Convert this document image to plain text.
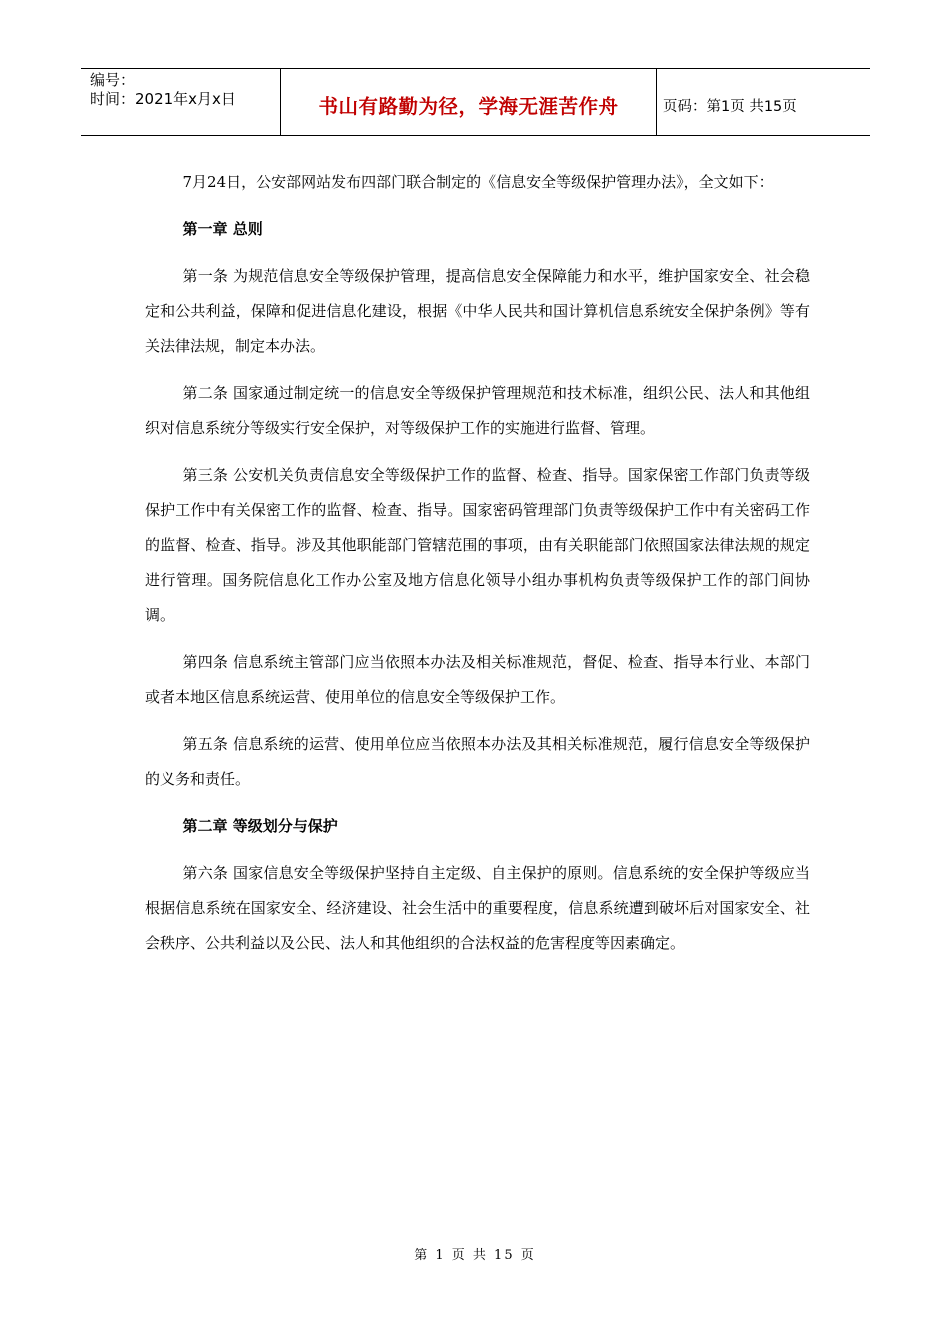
编号：
时间：2021年x月x日	书山有路勤为径，学海无涯苦作舟	页码：第1页 共15页

7月24日，公安部网站发布四部门联合制定的《信息安全等级保护管理办法》，全文如下：

第一章 总则

第一条 为规范信息安全等级保护管理，提高信息安全保障能力和水平，维护国家安全、社会稳定和公共利益，保障和促进信息化建设，根据《中华人民共和国计算机信息系统安全保护条例》等有关法律法规，制定本办法。

第二条 国家通过制定统一的信息安全等级保护管理规范和技术标准，组织公民、法人和其他组织对信息系统分等级实行安全保护，对等级保护工作的实施进行监督、管理。

第三条 公安机关负责信息安全等级保护工作的监督、检查、指导。国家保密工作部门负责等级保护工作中有关保密工作的监督、检查、指导。国家密码管理部门负责等级保护工作中有关密码工作的监督、检查、指导。涉及其他职能部门管辖范围的事项，由有关职能部门依照国家法律法规的规定进行管理。国务院信息化工作办公室及地方信息化领导小组办事机构负责等级保护工作的部门间协调。

第四条 信息系统主管部门应当依照本办法及相关标准规范，督促、检查、指导本行业、本部门或者本地区信息系统运营、使用单位的信息安全等级保护工作。

第五条 信息系统的运营、使用单位应当依照本办法及其相关标准规范，履行信息安全等级保护的义务和责任。

第二章 等级划分与保护

第六条 国家信息安全等级保护坚持自主定级、自主保护的原则。信息系统的安全保护等级应当根据信息系统在国家安全、经济建设、社会生活中的重要程度，信息系统遭到破坏后对国家安全、社会秩序、公共利益以及公民、法人和其他组织的合法权益的危害程度等因素确定。

第 1 页 共 15 页
